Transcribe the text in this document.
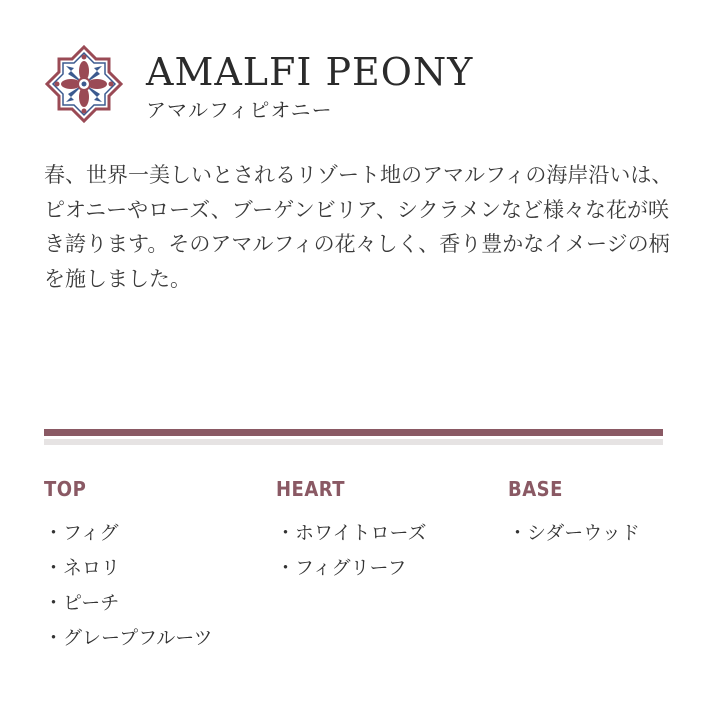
AMALFI PEONY
アマルフィピオニー
春、世界一美しいとされるリゾート地のアマルフィの海岸沿いは、ピオニーやローズ、ブーゲンビリア、シクラメンなど様々な花が咲き誇ります。そのアマルフィの花々しく、香り豊かなイメージの柄を施しました。
TOP
・ フィグ
・ ネロリ
・ ピーチ
・ グレープフルーツ
HEART
・ ホワイトローズ
・ フィグリーフ
BASE
・ シダーウッド
